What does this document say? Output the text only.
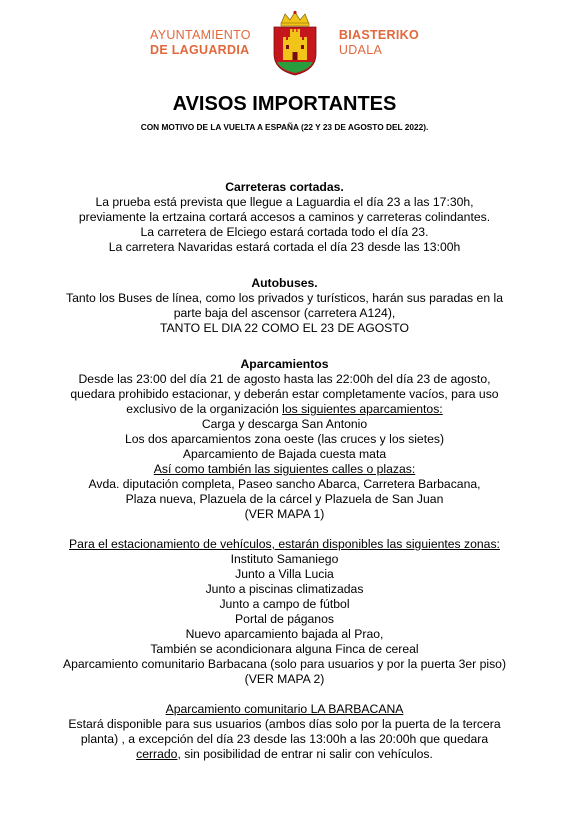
AYUNTAMIENTO
DE LAGUARDIA
BIASTERIKO
UDALA
AVISOS IMPORTANTES
CON MOTIVO DE LA VUELTA A ESPAÑA (22 Y 23 DE AGOSTO DEL 2022).

Carreteras cortadas.

La prueba está prevista que llegue a Laguardia el día 23 a las 17:30h,

previamente la ertzaina cortará accesos a caminos y carreteras colindantes.

La carretera de Elciego estará cortada todo el día 23.

La carretera Navaridas estará cortada el día 23 desde las 13:00h

Autobuses.

Tanto los Buses de línea, como los privados y turísticos, harán sus paradas en la

parte baja del ascensor (carretera A124),

TANTO EL DIA 22 COMO EL 23 DE AGOSTO

Aparcamientos

Desde las 23:00 del día 21 de agosto hasta las 22:00h del día 23 de agosto,

quedara prohibido estacionar, y deberán estar completamente vacíos, para uso

exclusivo de la organización los siguientes aparcamientos:

Carga y descarga San Antonio

Los dos aparcamientos zona oeste (las cruces y los sietes)

Aparcamiento de Bajada cuesta mata

Así como también las siguientes calles o plazas:

Avda. diputación completa, Paseo sancho Abarca, Carretera Barbacana,

Plaza nueva, Plazuela de la cárcel y Plazuela de San Juan

(VER MAPA 1)

Para el estacionamiento de vehículos, estarán disponibles las siguientes zonas:

Instituto Samaniego

Junto a Villa Lucia

Junto a piscinas climatizadas

Junto a campo de fútbol

Portal de páganos

Nuevo aparcamiento bajada al Prao,

También se acondicionara alguna Finca de cereal

Aparcamiento comunitario Barbacana (solo para usuarios y por la puerta 3er piso)

(VER MAPA 2)

Aparcamiento comunitario LA BARBACANA

Estará disponible para sus usuarios (ambos días solo por la puerta de la tercera

planta) , a excepción del día 23 desde las 13:00h a las 20:00h que quedara

cerrado, sin posibilidad de entrar ni salir con vehículos.
